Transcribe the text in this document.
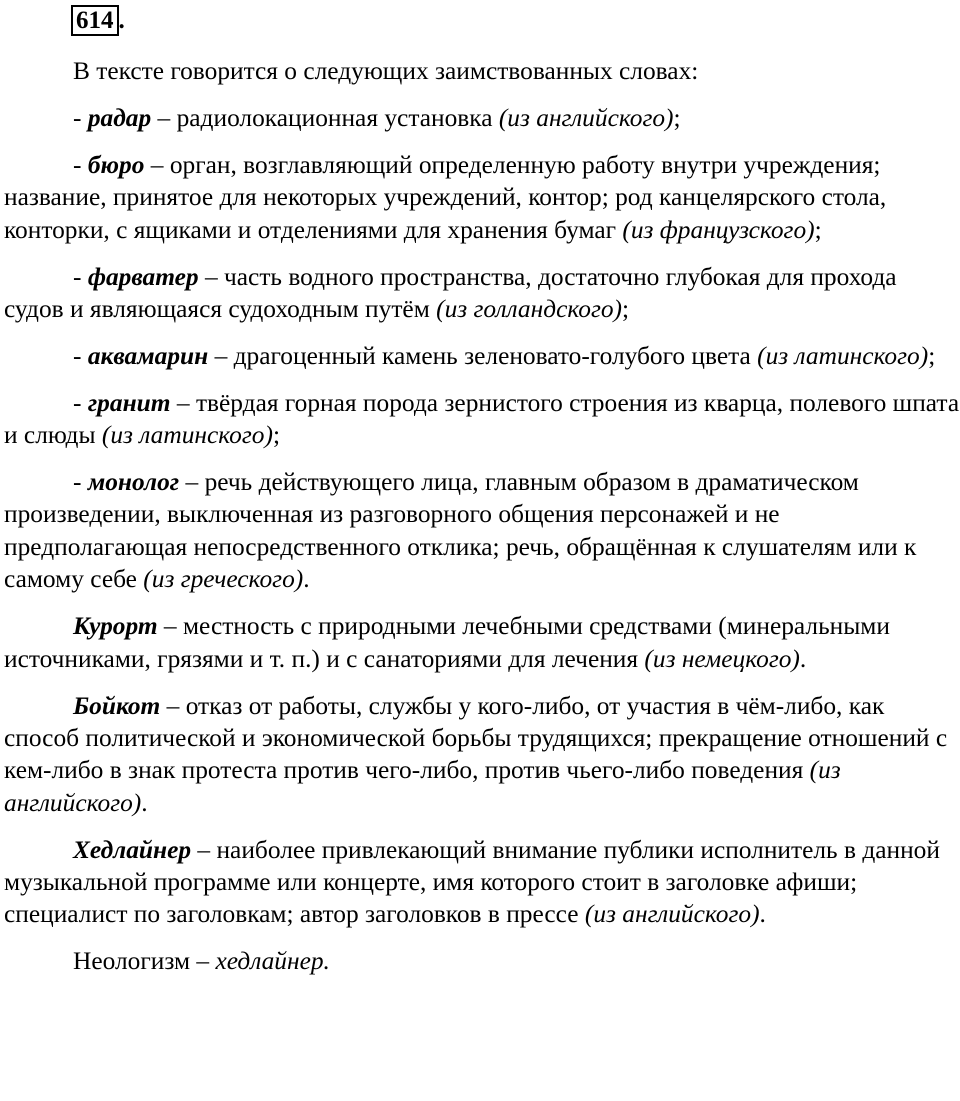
614 .

В тексте говорится о следующих заимствованных словах:

- радар – радиолокационная установка (из английского);

- бюро – орган, возглавляющий определенную работу внутри учреждения; название, принятое для некоторых учреждений, контор; род канцелярского стола, конторки, с ящиками и отделениями для хранения бумаг (из французского);

- фарватер – часть водного пространства, достаточно глубокая для прохода судов и являющаяся судоходным путём (из голландского);

- аквамарин – драгоценный камень зеленовато-голубого цвета (из латинского);

- гранит – твёрдая горная порода зернистого строения из кварца, полевого шпата и слюды (из латинского);

- монолог – речь действующего лица, главным образом в драматическом произведении, выключенная из разговорного общения персонажей и не предполагающая непосредственного отклика; речь, обращённая к слушателям или к самому себе (из греческого).

Курорт – местность с природными лечебными средствами (минеральными источниками, грязями и т. п.) и с санаториями для лечения (из немецкого).

Бойкот – отказ от работы, службы у кого-либо, от участия в чём-либо, как способ политической и экономической борьбы трудящихся; прекращение отношений с кем-либо в знак протеста против чего-либо, против чьего-либо поведения (из английского).

Хедлайнер – наиболее привлекающий внимание публики исполнитель в данной музыкальной программе или концерте, имя которого стоит в заголовке афиши; специалист по заголовкам; автор заголовков в прессе (из английского).

Неологизм – хедлайнер.
